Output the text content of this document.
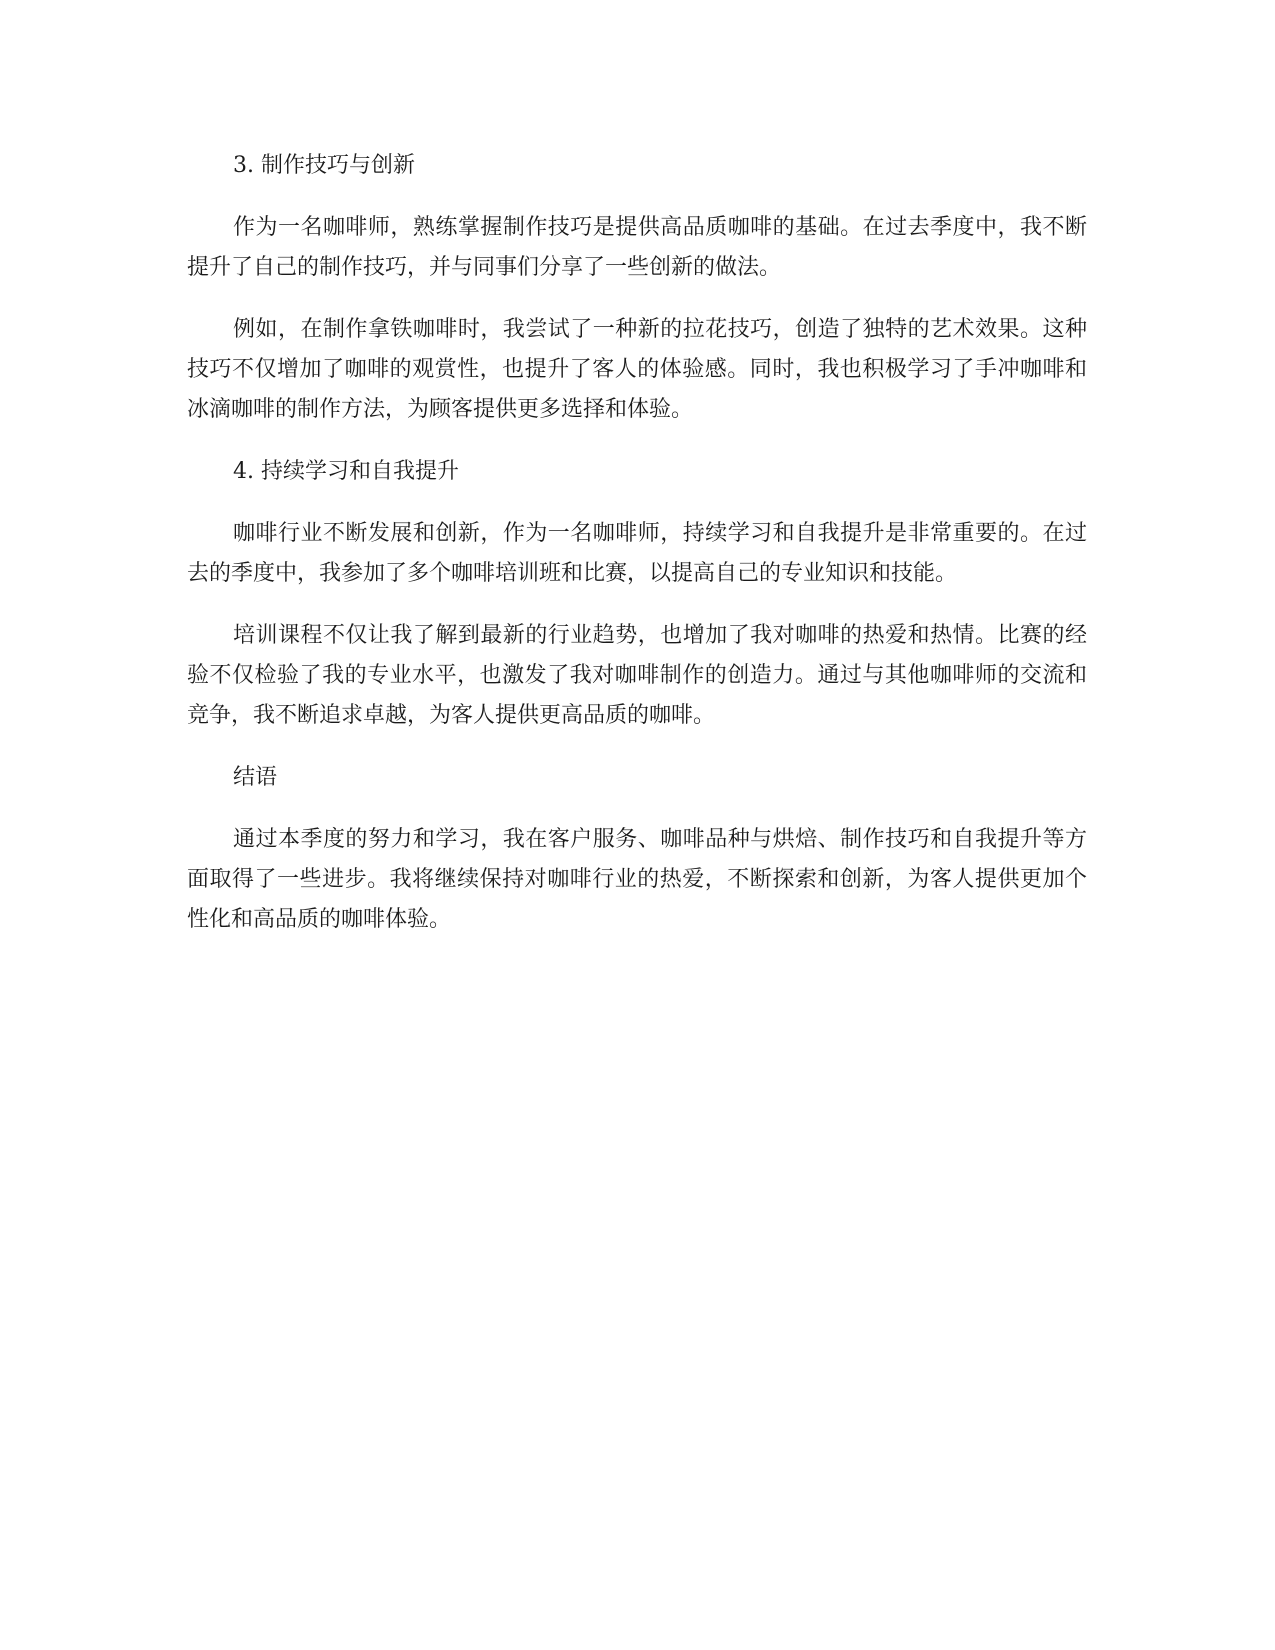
3. 制作技巧与创新

作为一名咖啡师，熟练掌握制作技巧是提供高品质咖啡的基础。在过去季度中，我不断提升了自己的制作技巧，并与同事们分享了一些创新的做法。

例如，在制作拿铁咖啡时，我尝试了一种新的拉花技巧，创造了独特的艺术效果。这种技巧不仅增加了咖啡的观赏性，也提升了客人的体验感。同时，我也积极学习了手冲咖啡和冰滴咖啡的制作方法，为顾客提供更多选择和体验。

4. 持续学习和自我提升

咖啡行业不断发展和创新，作为一名咖啡师，持续学习和自我提升是非常重要的。在过去的季度中，我参加了多个咖啡培训班和比赛，以提高自己的专业知识和技能。

培训课程不仅让我了解到最新的行业趋势，也增加了我对咖啡的热爱和热情。比赛的经验不仅检验了我的专业水平，也激发了我对咖啡制作的创造力。通过与其他咖啡师的交流和竞争，我不断追求卓越，为客人提供更高品质的咖啡。

结语

通过本季度的努力和学习，我在客户服务、咖啡品种与烘焙、制作技巧和自我提升等方面取得了一些进步。我将继续保持对咖啡行业的热爱，不断探索和创新，为客人提供更加个性化和高品质的咖啡体验。
